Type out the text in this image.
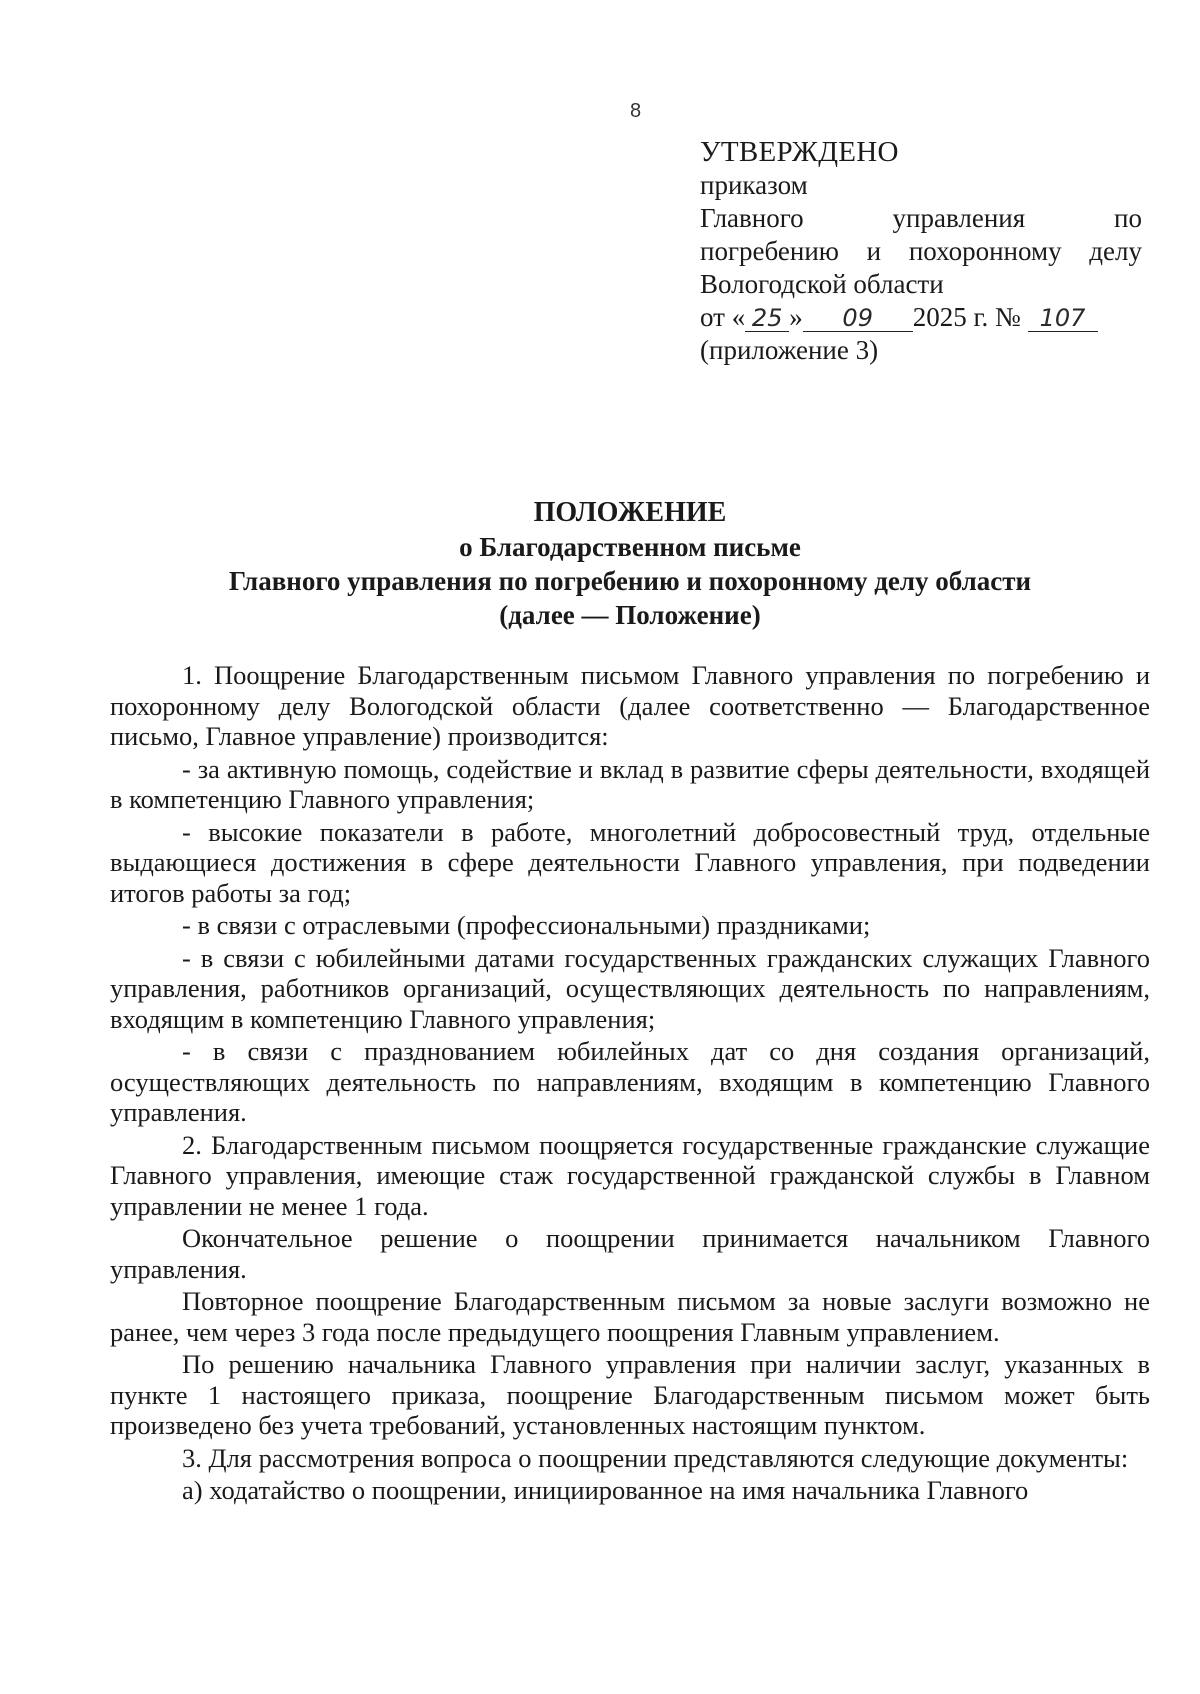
8
УТВЕРЖДЕНО
приказом
Главного управления по
погребению и похоронному делу
Вологодской области
от « 25 » 09 2025 г. № 107
(приложение 3)
ПОЛОЖЕНИЕ
о Благодарственном письме
Главного управления по погребению и похоронному делу области
(далее — Положение)

1. Поощрение Благодарственным письмом Главного управления по погребению и похоронному делу Вологодской области (далее соответственно — Благодарственное письмо, Главное управление) производится:

- за активную помощь, содействие и вклад в развитие сферы деятельности, входящей в компетенцию Главного управления;

- высокие показатели в работе, многолетний добросовестный труд, отдельные выдающиеся достижения в сфере деятельности Главного управления, при подведении итогов работы за год;

- в связи с отраслевыми (профессиональными) праздниками;

- в связи с юбилейными датами государственных гражданских служащих Главного управления, работников организаций, осуществляющих деятельность по направлениям, входящим в компетенцию Главного управления;

- в связи с празднованием юбилейных дат со дня создания организаций, осуществляющих деятельность по направлениям, входящим в компетенцию Главного управления.

2. Благодарственным письмом поощряется государственные гражданские служащие Главного управления, имеющие стаж государственной гражданской службы в Главном управлении не менее 1 года.

Окончательное решение о поощрении принимается начальником Главного управления.

Повторное поощрение Благодарственным письмом за новые заслуги возможно не ранее, чем через 3 года после предыдущего поощрения Главным управлением.

По решению начальника Главного управления при наличии заслуг, указанных в пункте 1 настоящего приказа, поощрение Благодарственным письмом может быть произведено без учета требований, установленных настоящим пунктом.

3. Для рассмотрения вопроса о поощрении представляются следующие документы:

а) ходатайство о поощрении, инициированное на имя начальника Главного
